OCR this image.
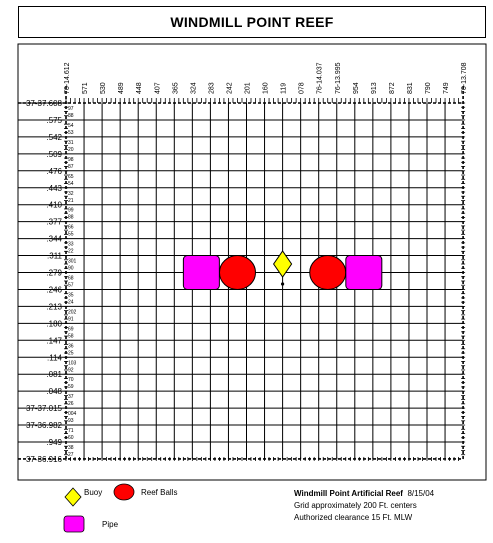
WINDMILL POINT REEF
76-14.612 571 530 489 448 407 365 324 283 242 201 160 119 078 76-14.037 76-13.995 954 913 872 831 790 749 76-13.708
37-37.608
.575
.542
.509
.476
.443
.410
.377
.344
.311
.279
.246
.213
.180
.147
.114
.081
.048
37-37.015
37-36.982
.949
37-36.916
97
88
54
53
31
20
98
87
65
54
32
21
99
88
66
55
33
22
301
90
68
57
35
24
202
91
69
58
36
25
103
92
70
59
37
26
004
93
71
60
38
27
Buoy	Reef Balls
Pipe
Windmill Point Artificial Reef 8/15/04
Grid approximately 200 Ft. centers
Authorized clearance 15 Ft. MLW
